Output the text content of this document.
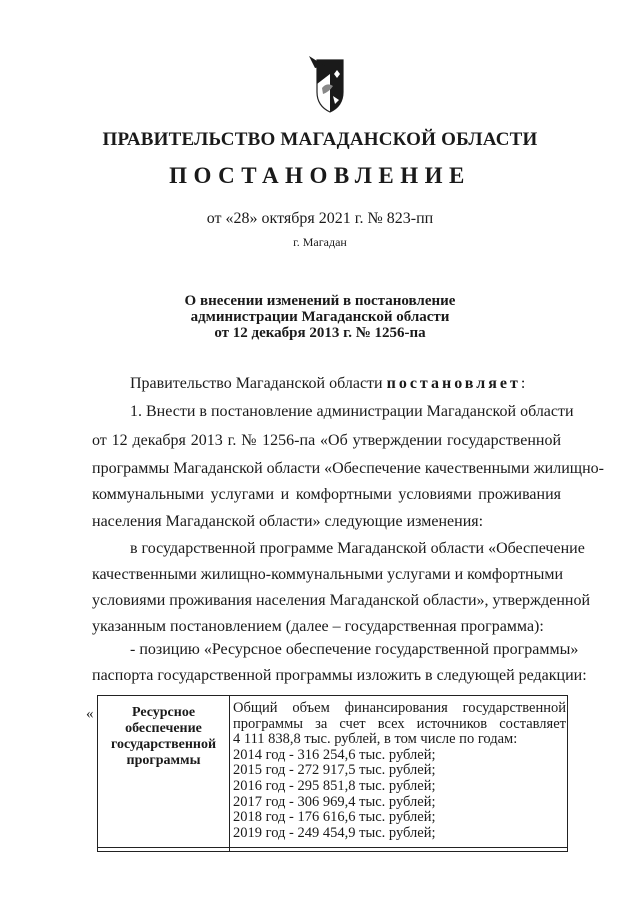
ПРАВИТЕЛЬСТВО МАГАДАНСКОЙ ОБЛАСТИ
ПОСТАНОВЛЕНИЕ
от «28» октября 2021 г. № 823-пп
г. Магадан
О внесении изменений в постановление
администрации Магаданской области
от 12 декабря 2013 г. № 1256-па
Правительство Магаданской области постановляет:
1. Внести в постановление администрации Магаданской области
от 12 декабря 2013 г. № 1256-па «Об утверждении государственной
программы Магаданской области «Обеспечение качественными жилищно-
коммунальными услугами и комфортными условиями проживания
населения Магаданской области» следующие изменения:
в государственной программе Магаданской области «Обеспечение
качественными жилищно-коммунальными услугами и комфортными
условиями проживания населения Магаданской области», утвержденной
указанным постановлением (далее – государственная программа):
- позицию «Ресурсное обеспечение государственной программы»
паспорта государственной программы изложить в следующей редакции:
«	Ресурсное
обеспечение
государственной
программы
Общий объем финансирования государственной
программы за счет всех источников составляет
4 111 838,8 тыс. рублей, в том числе по годам:
2014 год - 316 254,6 тыс. рублей;
2015 год - 272 917,5 тыс. рублей;
2016 год - 295 851,8 тыс. рублей;
2017 год - 306 969,4 тыс. рублей;
2018 год - 176 616,6 тыс. рублей;
2019 год - 249 454,9 тыс. рублей;
